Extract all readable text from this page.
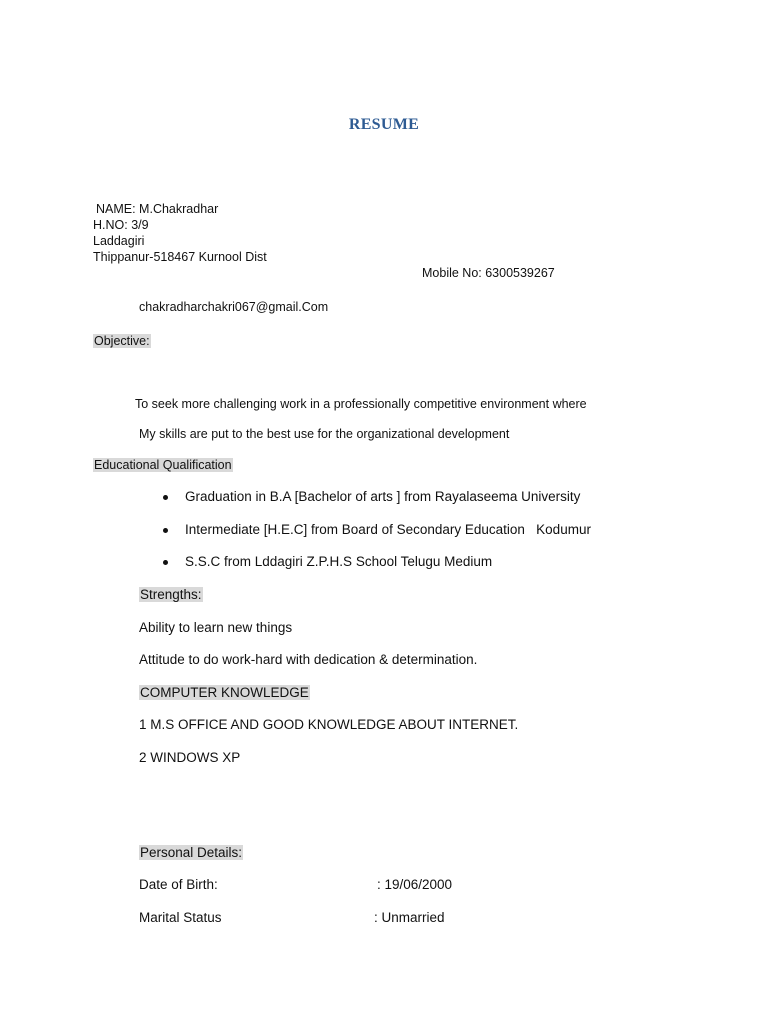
RESUME
NAME: M.Chakradhar
H.NO: 3/9
Laddagiri
Thippanur-518467 Kurnool Dist
Mobile No: 6300539267
chakradharchakri067@gmail.Com
Objective:
To seek more challenging work in a professionally competitive environment where
My skills are put to the best use for the organizational development
Educational Qualification
Graduation in B.A [Bachelor of arts ] from Rayalaseema University
Intermediate [H.E.C] from Board of Secondary Education   Kodumur
S.S.C from Lddagiri Z.P.H.S School Telugu Medium
Strengths:
Ability to learn new things
Attitude to do work-hard with dedication & determination.
COMPUTER KNOWLEDGE
1 M.S OFFICE AND GOOD KNOWLEDGE ABOUT INTERNET.
2 WINDOWS XP
Personal Details:
Date of Birth:	: 19/06/2000
Marital Status	: Unmarried
